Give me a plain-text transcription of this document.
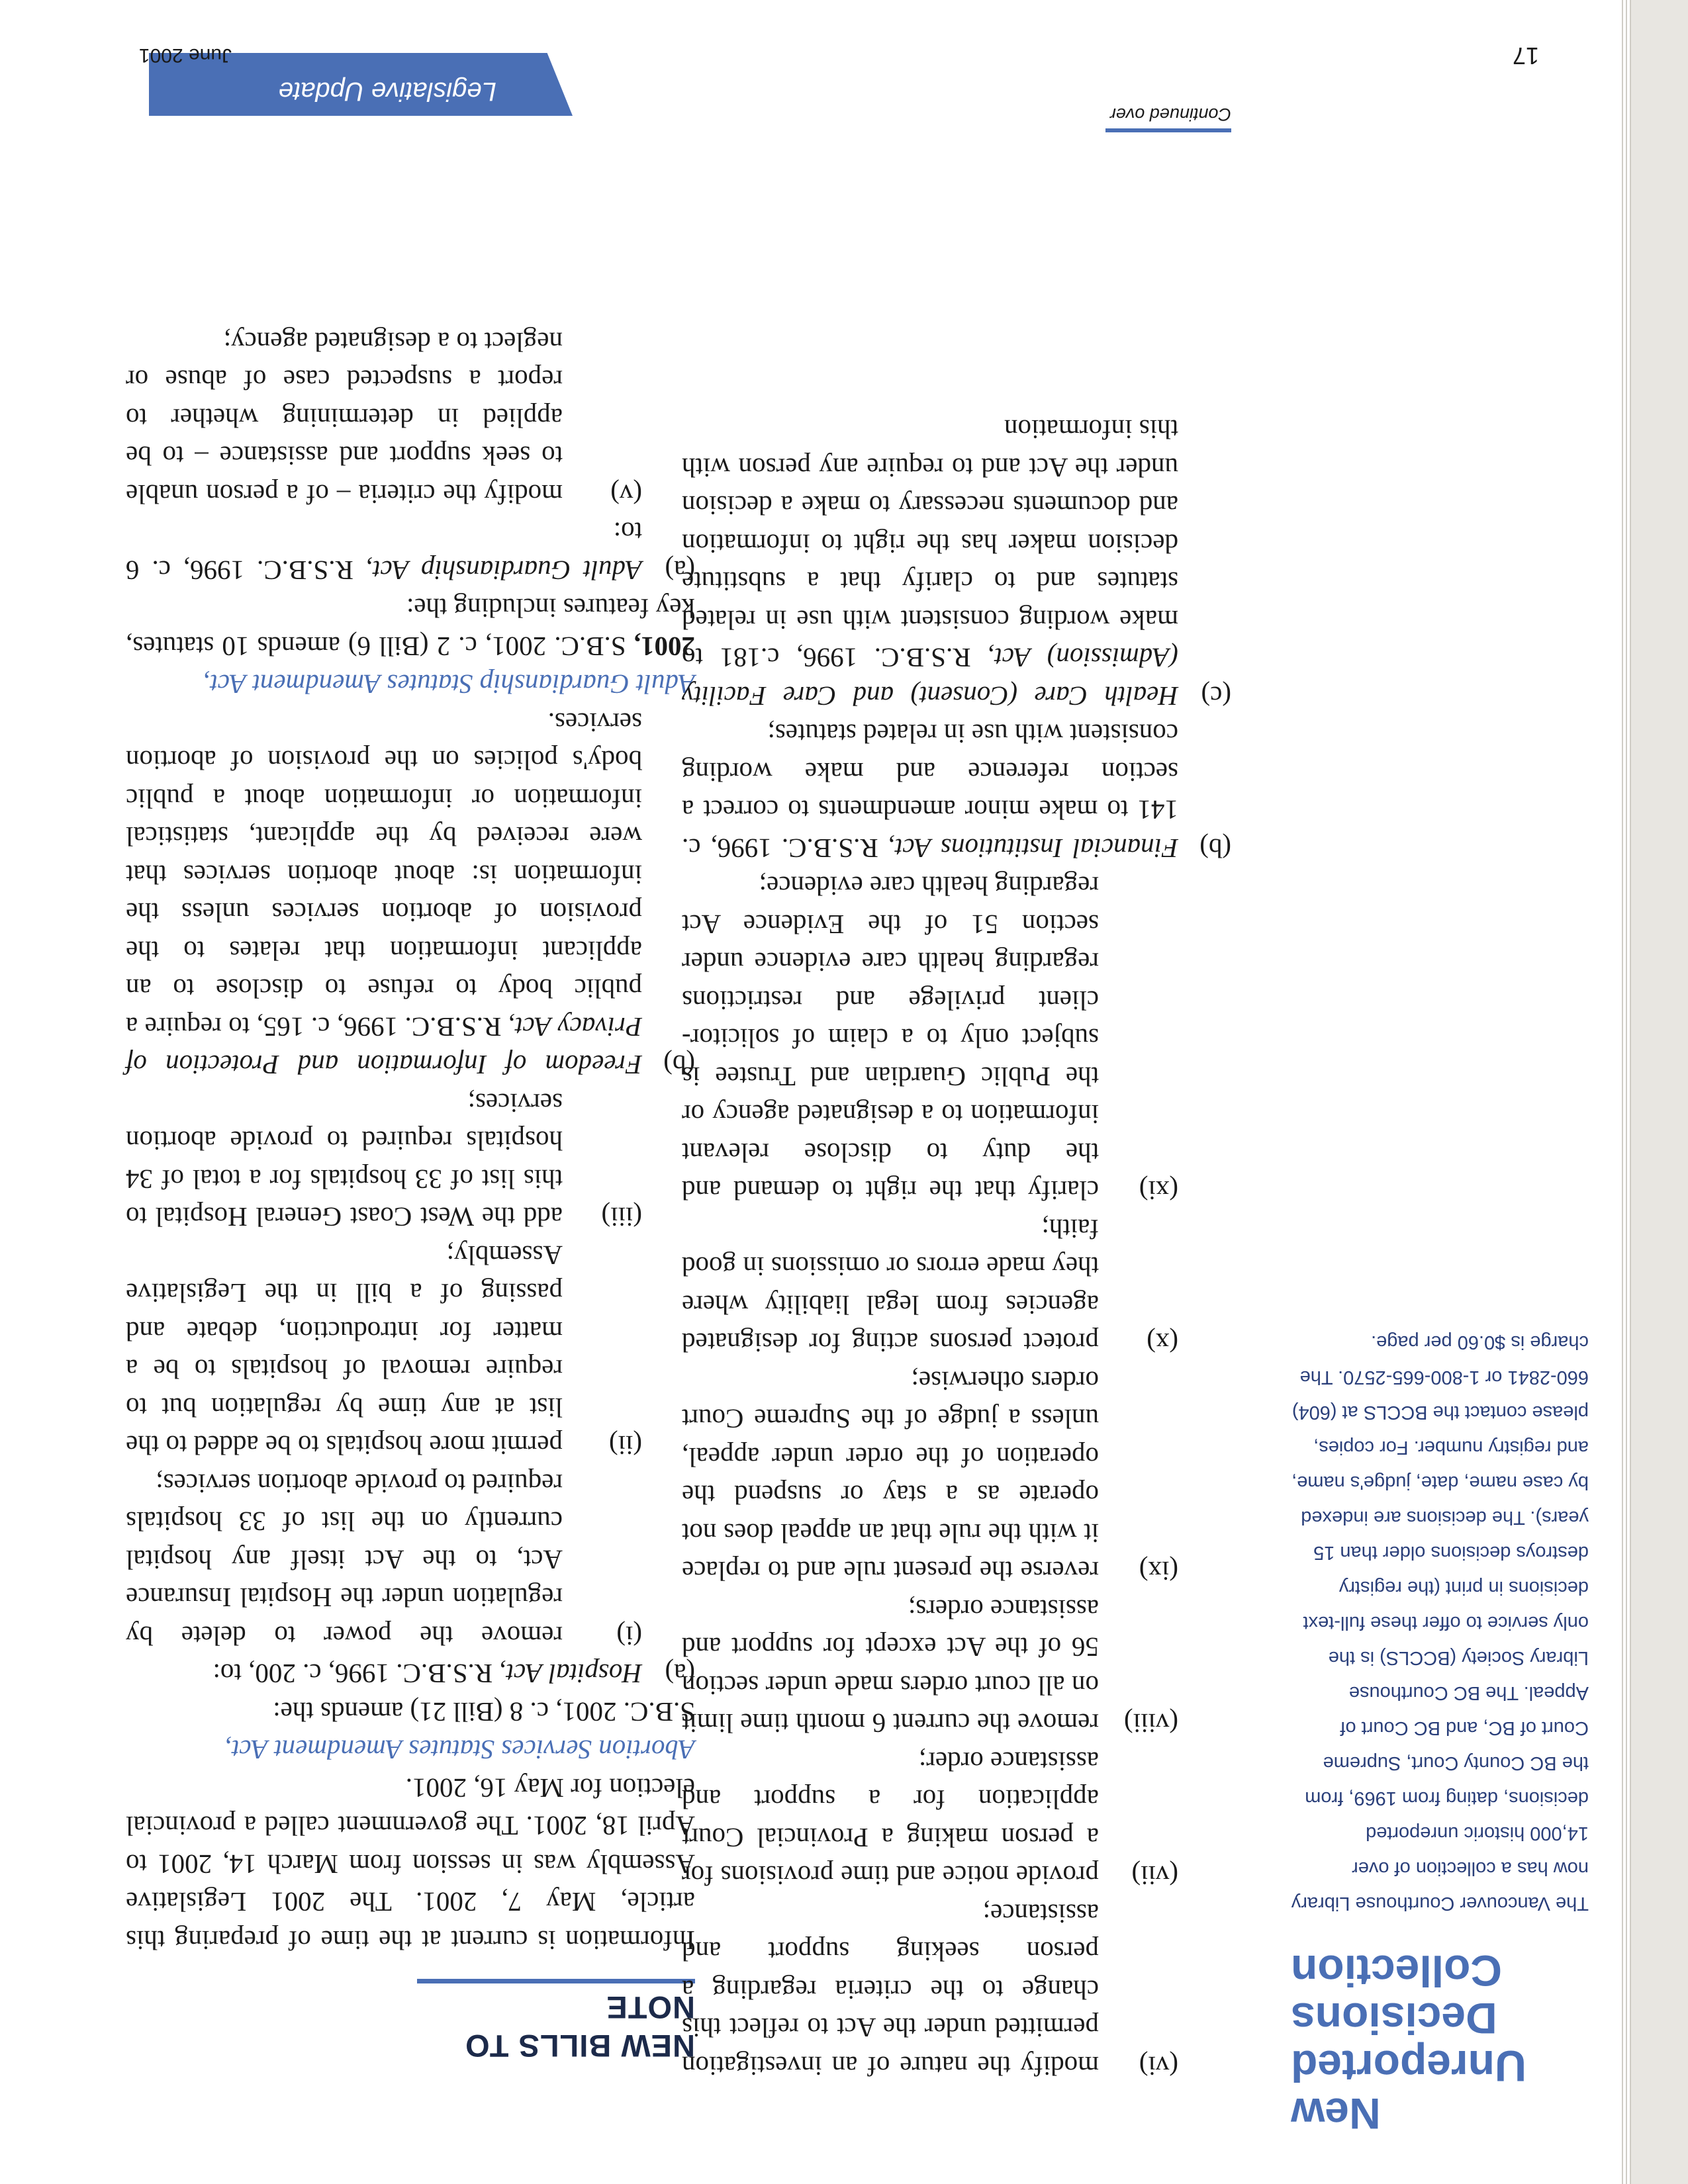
Legislative Update
NEW BILLS TO NOTE

Information is current at the time of preparing this article, May 7, 2001. The 2001 Legislative Assembly was in session from March 14, 2001 to April 18, 2001. The government called a provincial election for May 16, 2001.

Abortion Services Statutes Amendment Act,

S.B.C. 2001, c. 8 (Bill 21) amends the:

(a)
Hospital Act, R.S.B.C. 1996, c. 200, to:
(i)
remove the power to delete by regulation under the Hospital Insurance Act, to the Act itself any hospital currently on the list of 33 hospitals required to provide abortion services;
(ii)
permit more hospitals to be added to the list at any time by regulation but to require removal of hospitals to be a matter for introduction, debate and passing of a bill in the Legislative Assembly;
(iii)
add the West Coast General Hospital to this list of 33 hospitals for a total of 34 hospitals required to provide abortion services;
(b)
Freedom of Information and Protection of Privacy Act, R.S.B.C. 1996, c. 165, to require a public body to refuse to disclose to an applicant information that relates to the provision of abortion services unless the information is: about abortion services that were received by the applicant, statistical information or information about a public body's policies on the provision of abortion services.

Adult Guardianship Statutes Amendment Act,

2001, S.B.C. 2001, c. 2 (Bill 6) amends 10 statutes, key features including the:

(a)
Adult Guardianship Act, R.S.B.C. 1996, c. 6 to:
(v)
modify the criteria – of a person unable to seek support and assistance – to be applied in determining whether to report a suspected case of abuse or neglect to a designated agency;
(vi)
modify the nature of an investigation permitted under the Act to reflect this change to the criteria regarding a person seeking support and assistance;
(vii)
provide notice and time provisions for a person making a Provincial Court application for a support and assistance order;
(viii)
remove the current 6 month time limit on all court orders made under section 56 of the Act except for support and assistance orders;
(ix)
reverse the present rule and to replace it with the rule that an appeal does not operate as a stay or suspend the operation of the order under appeal, unless a judge of the Supreme Court orders otherwise;
(x)
protect persons acting for designated agencies from legal liability where they made errors or omissions in good faith;
(xi)
clarify that the right to demand and the duty to disclose relevant information to a designated agency or the Public Guardian and Trustee is subject only to a claim of solicitor-client privilege and restrictions regarding health care evidence under section 51 of the Evidence Act regarding health care evidence;
(b)
Financial Institutions Act, R.S.B.C. 1996, c. 141 to make minor amendments to correct a section reference and make wording consistent with use in related statutes;
(c)
Health Care (Consent) and Care Facility (Admission) Act, R.S.B.C. 1996, c.181 to make wording consistent with use in related statutes and to clarify that a substitute decision maker has the right to information and documents necessary to make a decision under the Act and to require any person with this information
New Unreported Decisions Collection
The Vancouver Courthouse Library now has a collection of over 14,000 historic unreported decisions, dating from 1969, from the BC County Court, Supreme Court of BC, and BC Court of Appeal. The BC Courthouse Library Society (BCCLS) is the only service to offer these full-text decisions in print (the registry destroys decisions older than 15 years). The decisions are indexed by case name, date, judge's name, and registry number. For copies, please contact the BCCLS at (604) 660-2841 or 1-800-665-2570. The charge is $0.60 per page.
Continued over
June 2001	17
